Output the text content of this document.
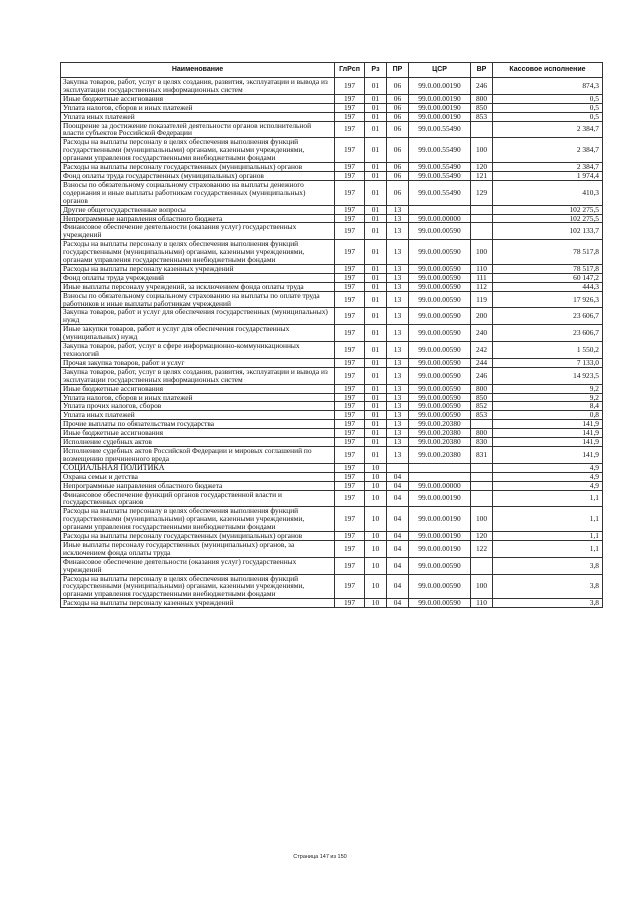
Наименование	ГлРсп	Рз	ПР	ЦСР	ВР	Кассовое исполнение
Закупка товаров, работ, услуг в целях создания, развития, эксплуатации и вывода из эксплуатации государственных информационных систем	197	01	06	99.0.00.00190	246	874,3
Иные бюджетные ассигнования	197	01	06	99.0.00.00190	800	0,5
Уплата налогов, сборов и иных платежей	197	01	06	99.0.00.00190	850	0,5
Уплата иных платежей	197	01	06	99.0.00.00190	853	0,5
Поощрение за достижение показателей деятельности органов исполнительной власти субъектов Российской Федерации	197	01	06	99.0.00.55490		2 384,7
Расходы на выплаты персоналу в целях обеспечения выполнения функций государственными (муниципальными) органами, казенными учреждениями, органами управления государственными внебюджетными фондами	197	01	06	99.0.00.55490	100	2 384,7
Расходы на выплаты персоналу государственных (муниципальных) органов	197	01	06	99.0.00.55490	120	2 384,7
Фонд оплаты труда государственных (муниципальных) органов	197	01	06	99.0.00.55490	121	1 974,4
Взносы по обязательному социальному страхованию на выплаты денежного содержания и иные выплаты работникам государственных (муниципальных) органов	197	01	06	99.0.00.55490	129	410,3
Другие общегосударственные вопросы	197	01	13			102 275,5
Непрограммные направления областного бюджета	197	01	13	99.0.00.00000		102 275,5
Финансовое обеспечение деятельности (оказания услуг) государственных учреждений	197	01	13	99.0.00.00590		102 133,7
Расходы на выплаты персоналу в целях обеспечения выполнения функций государственными (муниципальными) органами, казенными учреждениями, органами управления государственными внебюджетными фондами	197	01	13	99.0.00.00590	100	78 517,8
Расходы на выплаты персоналу казенных учреждений	197	01	13	99.0.00.00590	110	78 517,8
Фонд оплаты труда учреждений	197	01	13	99.0.00.00590	111	60 147,2
Иные выплаты персоналу учреждений, за исключением фонда оплаты труда	197	01	13	99.0.00.00590	112	444,3
Взносы по обязательному социальному страхованию на выплаты по оплате труда работников и иные выплаты работникам учреждений	197	01	13	99.0.00.00590	119	17 926,3
Закупка товаров, работ и услуг для обеспечения государственных (муниципальных) нужд	197	01	13	99.0.00.00590	200	23 606,7
Иные закупки товаров, работ и услуг для обеспечения государственных (муниципальных) нужд	197	01	13	99.0.00.00590	240	23 606,7
Закупка товаров, работ, услуг в сфере информационно-коммуникационных технологий	197	01	13	99.0.00.00590	242	1 550,2
Прочая закупка товаров, работ и услуг	197	01	13	99.0.00.00590	244	7 133,0
Закупка товаров, работ, услуг в целях создания, развития, эксплуатации и вывода из эксплуатации государственных информационных систем	197	01	13	99.0.00.00590	246	14 923,5
Иные бюджетные ассигнования	197	01	13	99.0.00.00590	800	9,2
Уплата налогов, сборов и иных платежей	197	01	13	99.0.00.00590	850	9,2
Уплата прочих налогов, сборов	197	01	13	99.0.00.00590	852	8,4
Уплата иных платежей	197	01	13	99.0.00.00590	853	0,8
Прочие выплаты по обязательствам государства	197	01	13	99.0.00.20380		141,9
Иные бюджетные ассигнования	197	01	13	99.0.00.20380	800	141,9
Исполнение судебных актов	197	01	13	99.0.00.20380	830	141,9
Исполнение судебных актов Российской Федерации и мировых соглашений по возмещению причиненного вреда	197	01	13	99.0.00.20380	831	141,9
СОЦИАЛЬНАЯ ПОЛИТИКА	197	10				4,9
Охрана семьи и детства	197	10	04			4,9
Непрограммные направления областного бюджета	197	10	04	99.0.00.00000		4,9
Финансовое обеспечение функций органов государственной власти и государственных органов	197	10	04	99.0.00.00190		1,1
Расходы на выплаты персоналу в целях обеспечения выполнения функций государственными (муниципальными) органами, казенными учреждениями, органами управления государственными внебюджетными фондами	197	10	04	99.0.00.00190	100	1,1
Расходы на выплаты персоналу государственных (муниципальных) органов	197	10	04	99.0.00.00190	120	1,1
Иные выплаты персоналу государственных (муниципальных) органов, за исключением фонда оплаты труда	197	10	04	99.0.00.00190	122	1,1
Финансовое обеспечение деятельности (оказания услуг) государственных учреждений	197	10	04	99.0.00.00590		3,8
Расходы на выплаты персоналу в целях обеспечения выполнения функций государственными (муниципальными) органами, казенными учреждениями, органами управления государственными внебюджетными фондами	197	10	04	99.0.00.00590	100	3,8
Расходы на выплаты персоналу казенных учреждений	197	10	04	99.0.00.00590	110	3,8
Страница 147 из 150
